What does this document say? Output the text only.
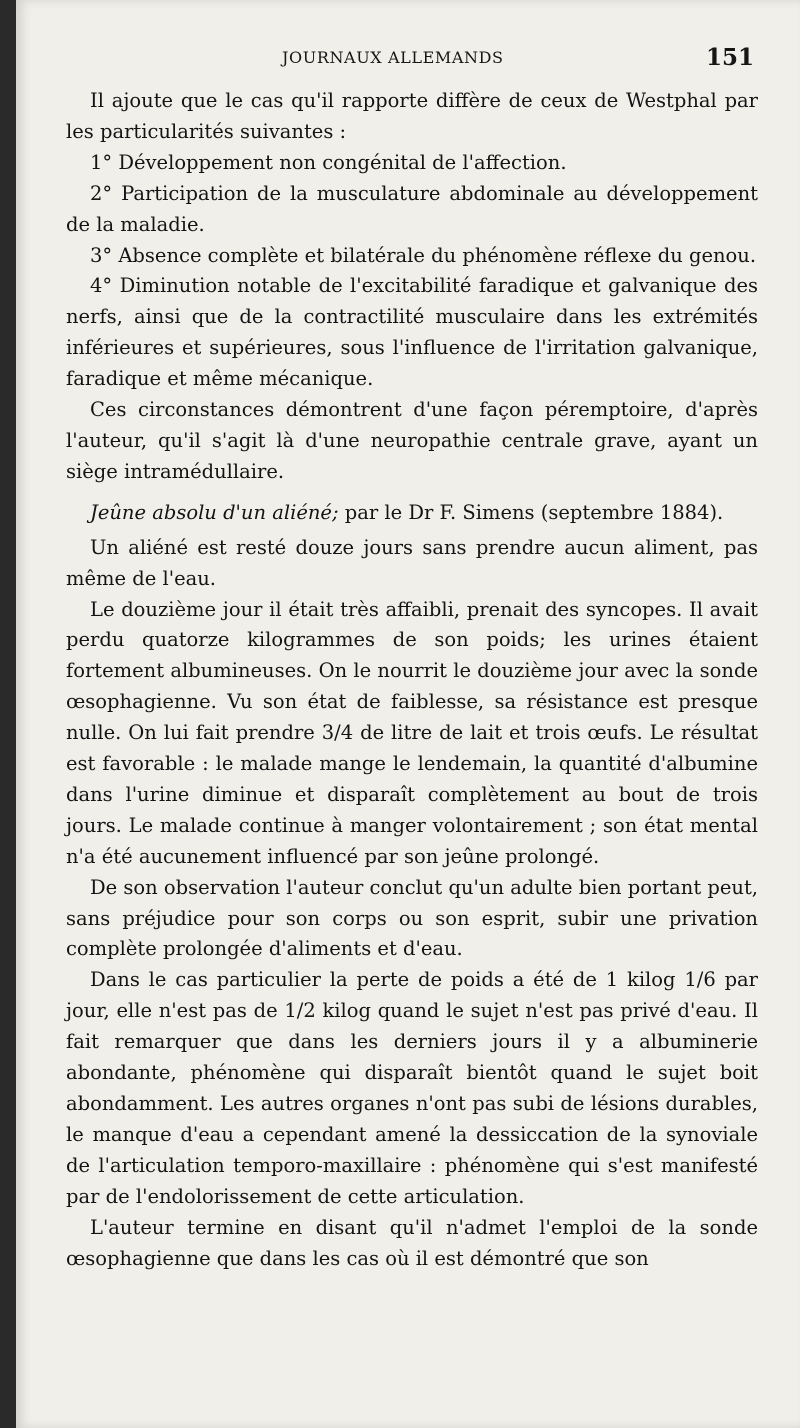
JOURNAUX ALLEMANDS	151

Il ajoute que le cas qu'il rapporte diffère de ceux de Westphal par les particularités suivantes :

1° Développement non congénital de l'affection.

2° Participation de la musculature abdominale au développement de la maladie.

3° Absence complète et bilatérale du phénomène réflexe du genou.

4° Diminution notable de l'excitabilité faradique et galvanique des nerfs, ainsi que de la contractilité musculaire dans les extrémités inférieures et supérieures, sous l'influence de l'irritation galvanique, faradique et même mécanique.

Ces circonstances démontrent d'une façon péremptoire, d'après l'auteur, qu'il s'agit là d'une neuropathie centrale grave, ayant un siège intramédullaire.

Jeûne absolu d'un aliéné; par le Dr F. Simens (septembre 1884).

Un aliéné est resté douze jours sans prendre aucun aliment, pas même de l'eau.

Le douzième jour il était très affaibli, prenait des syncopes. Il avait perdu quatorze kilogrammes de son poids; les urines étaient fortement albumineuses. On le nourrit le douzième jour avec la sonde œsophagienne. Vu son état de faiblesse, sa résistance est presque nulle. On lui fait prendre 3/4 de litre de lait et trois œufs. Le résultat est favorable : le malade mange le lendemain, la quantité d'albumine dans l'urine diminue et disparaît complètement au bout de trois jours. Le malade continue à manger volontairement ; son état mental n'a été aucunement influencé par son jeûne prolongé.

De son observation l'auteur conclut qu'un adulte bien portant peut, sans préjudice pour son corps ou son esprit, subir une privation complète prolongée d'aliments et d'eau.

Dans le cas particulier la perte de poids a été de 1 kilog 1/6 par jour, elle n'est pas de 1/2 kilog quand le sujet n'est pas privé d'eau. Il fait remarquer que dans les derniers jours il y a albuminerie abondante, phénomène qui disparaît bientôt quand le sujet boit abondamment. Les autres organes n'ont pas subi de lésions durables, le manque d'eau a cependant amené la dessiccation de la synoviale de l'articulation temporo-maxillaire : phénomène qui s'est manifesté par de l'endolorissement de cette articulation.

L'auteur termine en disant qu'il n'admet l'emploi de la sonde œsophagienne que dans les cas où il est démontré que son
